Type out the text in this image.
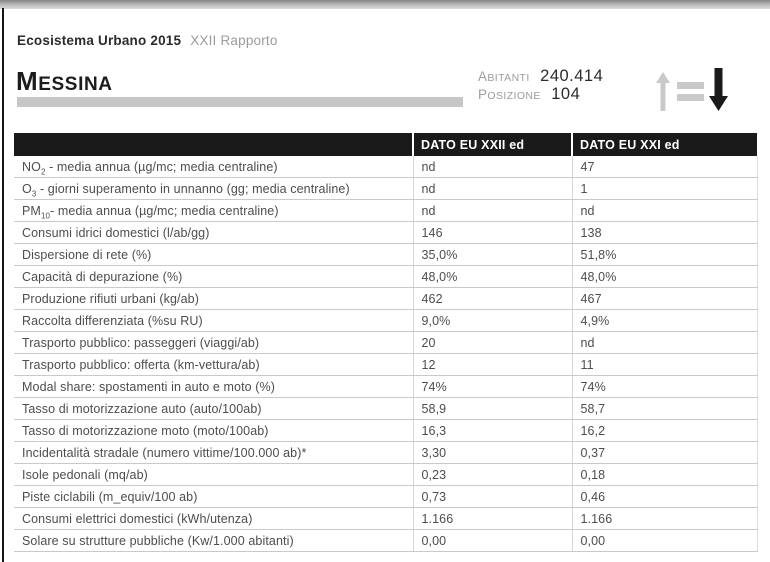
Ecosistema Urbano 2015 XXII Rapporto
MESSINA	ABITANTI 240.414
POSIZIONE 104
	DATO EU XXII ed	DATO EU XXI ed
$NO_2$ - media annua (µg/mc; media centraline)	nd	47
$O_3$ - giorni superamento in unnanno (gg; media centraline)	nd	1
$PM_{10}-$ media annua (µg/mc; media centraline)	nd	nd
Consumi idrici domestici (l/ab/gg)	146	138
Dispersione di rete (%)	35,0%	51,8%
Capacità di depurazione (%)	48,0%	48,0%
Produzione rifiuti urbani (kg/ab)	462	467
Raccolta differenziata (%su RU)	9,0%	4,9%
Trasporto pubblico: passeggeri (viaggi/ab)	20	nd
Trasporto pubblico: offerta (km-vettura/ab)	12	11
Modal share: spostamenti in auto e moto (%)	74%	74%
Tasso di motorizzazione auto (auto/100ab)	58,9	58,7
Tasso di motorizzazione moto (moto/100ab)	16,3	16,2
Incidentalità stradale (numero vittime/100.000 ab)*	3,30	0,37
Isole pedonali (mq/ab)	0,23	0,18
Piste ciclabili (m_equiv/100 ab)	0,73	0,46
Consumi elettrici domestici (kWh/utenza)	1.166	1.166
Solare su strutture pubbliche (Kw/1.000 abitanti)	0,00	0,00
